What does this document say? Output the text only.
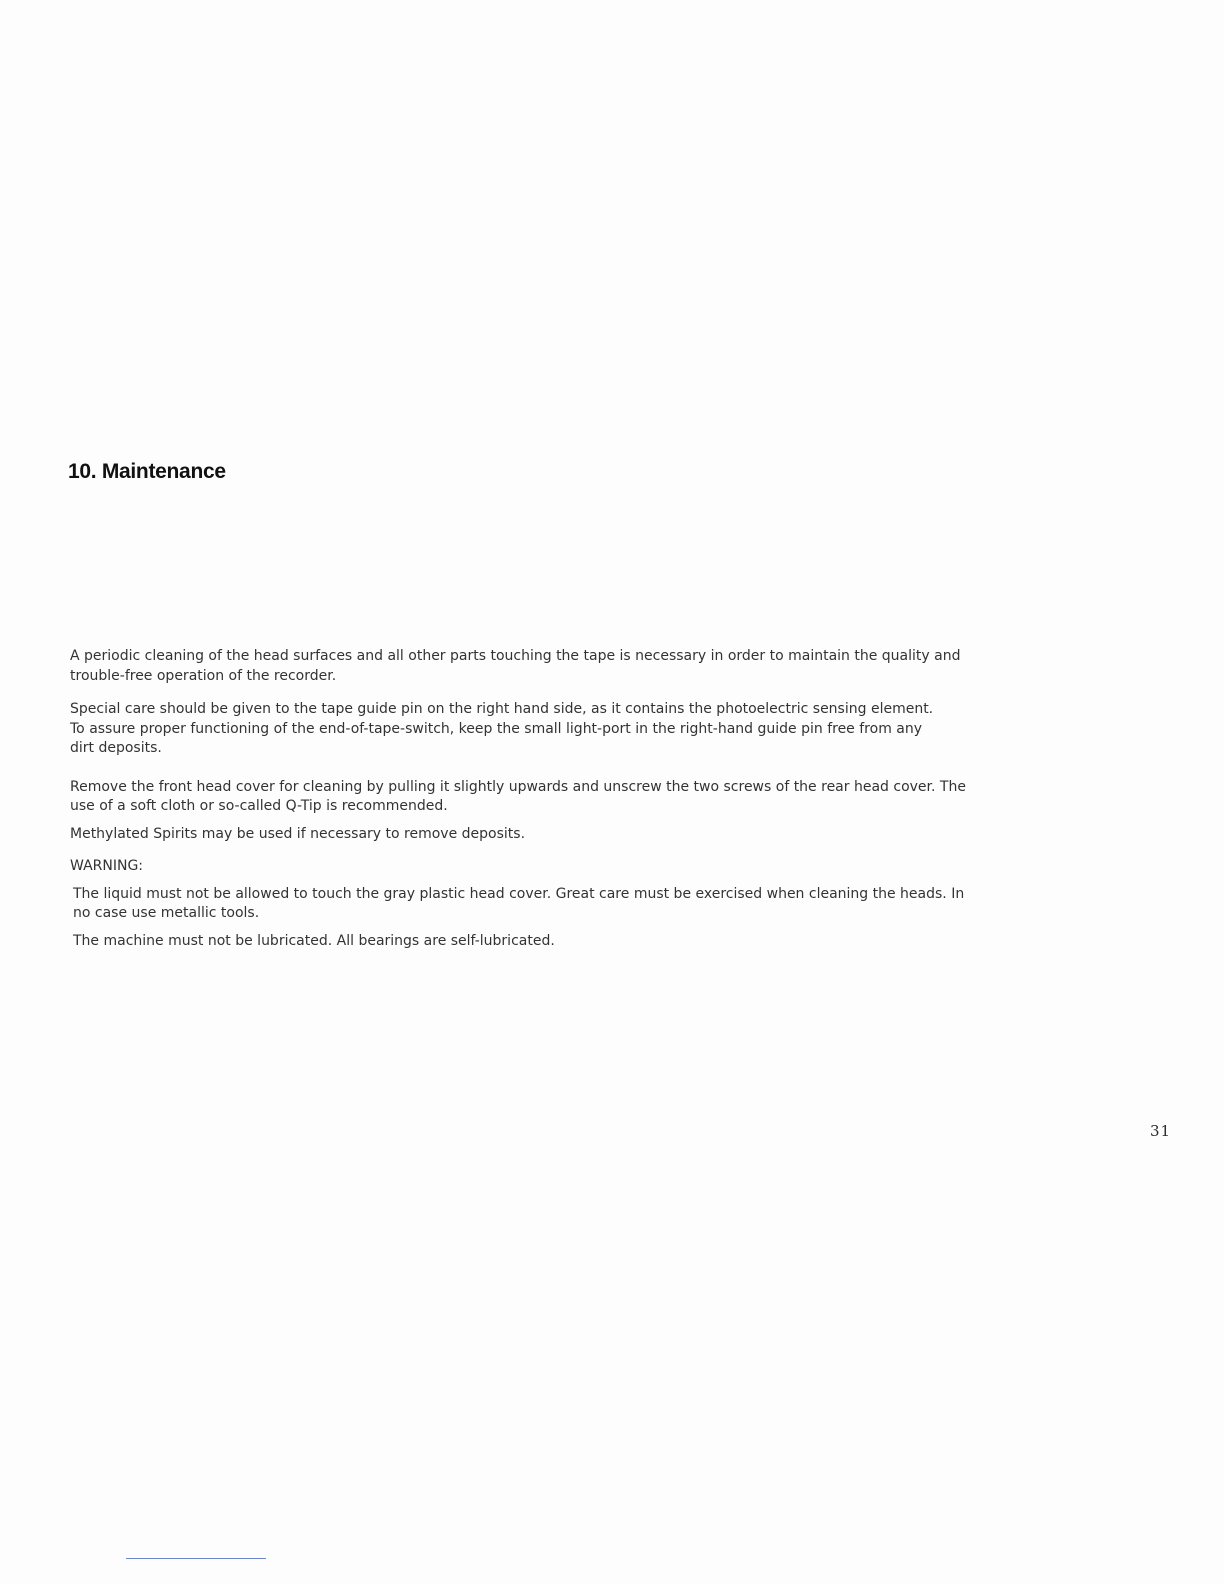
10. Maintenance

A periodic cleaning of the head surfaces and all other parts touching the tape is necessary in order to maintain the quality and

trouble-free operation of the recorder.

Special care should be given to the tape guide pin on the right hand side, as it contains the photoelectric sensing element.

To assure proper functioning of the end-of-tape-switch, keep the small light-port in the right-hand guide pin free from any

dirt deposits.

Remove the front head cover for cleaning by pulling it slightly upwards and unscrew the two screws of the rear head cover. The

use of a soft cloth or so-called Q-Tip is recommended.

Methylated Spirits may be used if necessary to remove deposits.

WARNING:

The liquid must not be allowed to touch the gray plastic head cover. Great care must be exercised when cleaning the heads. In

no case use metallic tools.

The machine must not be lubricated. All bearings are self-lubricated.

31
